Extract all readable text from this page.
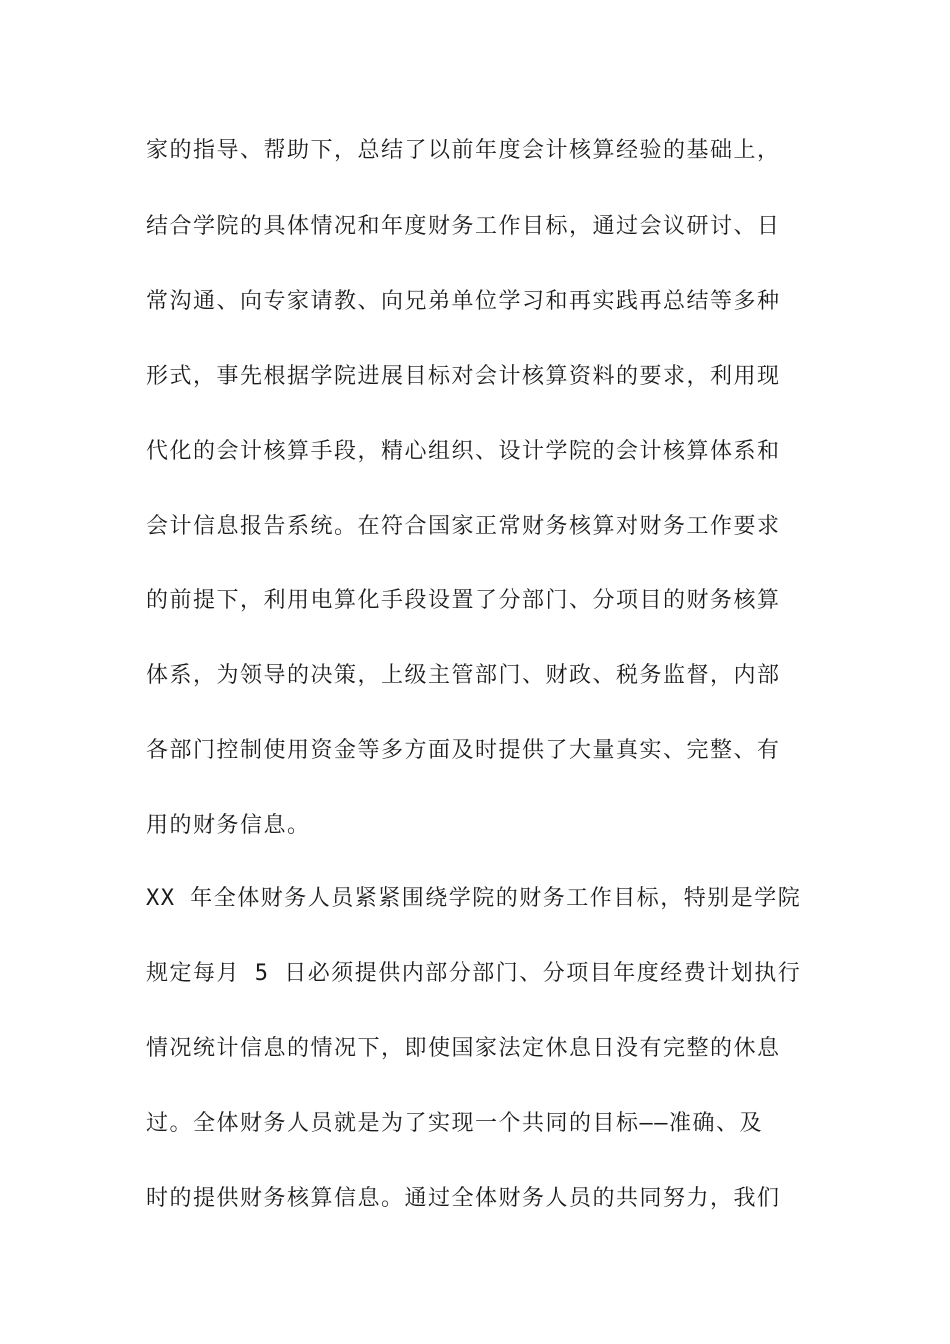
家的指导、帮助下，总结了以前年度会计核算经验的基础上，
结合学院的具体情况和年度财务工作目标，通过会议研讨、日
常沟通、向专家请教、向兄弟单位学习和再实践再总结等多种
形式，事先根据学院进展目标对会计核算资料的要求，利用现
代化的会计核算手段，精心组织、设计学院的会计核算体系和
会计信息报告系统。在符合国家正常财务核算对财务工作要求
的前提下，利用电算化手段设置了分部门、分项目的财务核算
体系，为领导的决策，上级主管部门、财政、税务监督，内部
各部门控制使用资金等多方面及时提供了大量真实、完整、有
用的财务信息。
XX 年全体财务人员紧紧围绕学院的财务工作目标，特别是学院
规定每月 5 日必须提供内部分部门、分项目年度经费计划执行
情况统计信息的情况下，即使国家法定休息日没有完整的休息
过。全体财务人员就是为了实现一个共同的目标——准确、及
时的提供财务核算信息。通过全体财务人员的共同努力，我们
